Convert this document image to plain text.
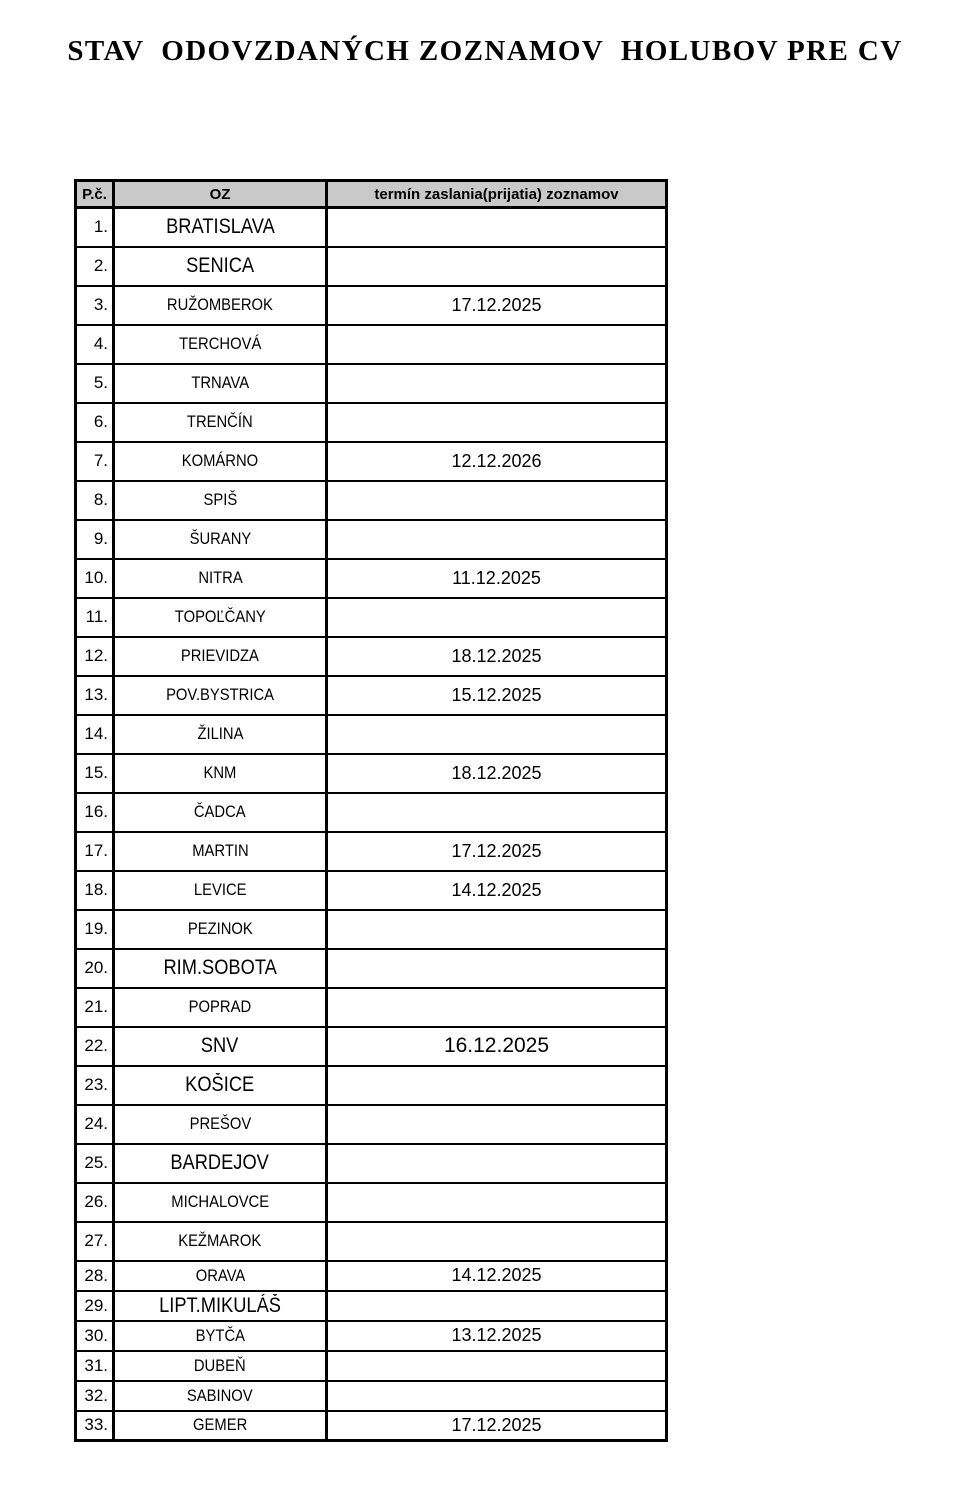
STAV  ODOVZDANÝCH ZOZNAMOV  HOLUBOV PRE CV
P.č.	OZ	termín zaslania(prijatia) zoznamov
1.	BRATISLAVA	
2.	SENICA	
3.	RUŽOMBEROK	17.12.2025
4.	TERCHOVÁ	
5.	TRNAVA	
6.	TRENČÍN	
7.	KOMÁRNO	12.12.2026
8.	SPIŠ	
9.	ŠURANY	
10.	NITRA	11.12.2025
11.	TOPOĽČANY	
12.	PRIEVIDZA	18.12.2025
13.	POV.BYSTRICA	15.12.2025
14.	ŽILINA	
15.	KNM	18.12.2025
16.	ČADCA	
17.	MARTIN	17.12.2025
18.	LEVICE	14.12.2025
19.	PEZINOK	
20.	RIM.SOBOTA	
21.	POPRAD	
22.	SNV	16.12.2025
23.	KOŠICE	
24.	PREŠOV	
25.	BARDEJOV	
26.	MICHALOVCE	
27.	KEŽMAROK	
28.	ORAVA	14.12.2025
29.	LIPT.MIKULÁŠ	
30.	BYTČA	13.12.2025
31.	DUBEŇ	
32.	SABINOV	
33.	GEMER	17.12.2025
